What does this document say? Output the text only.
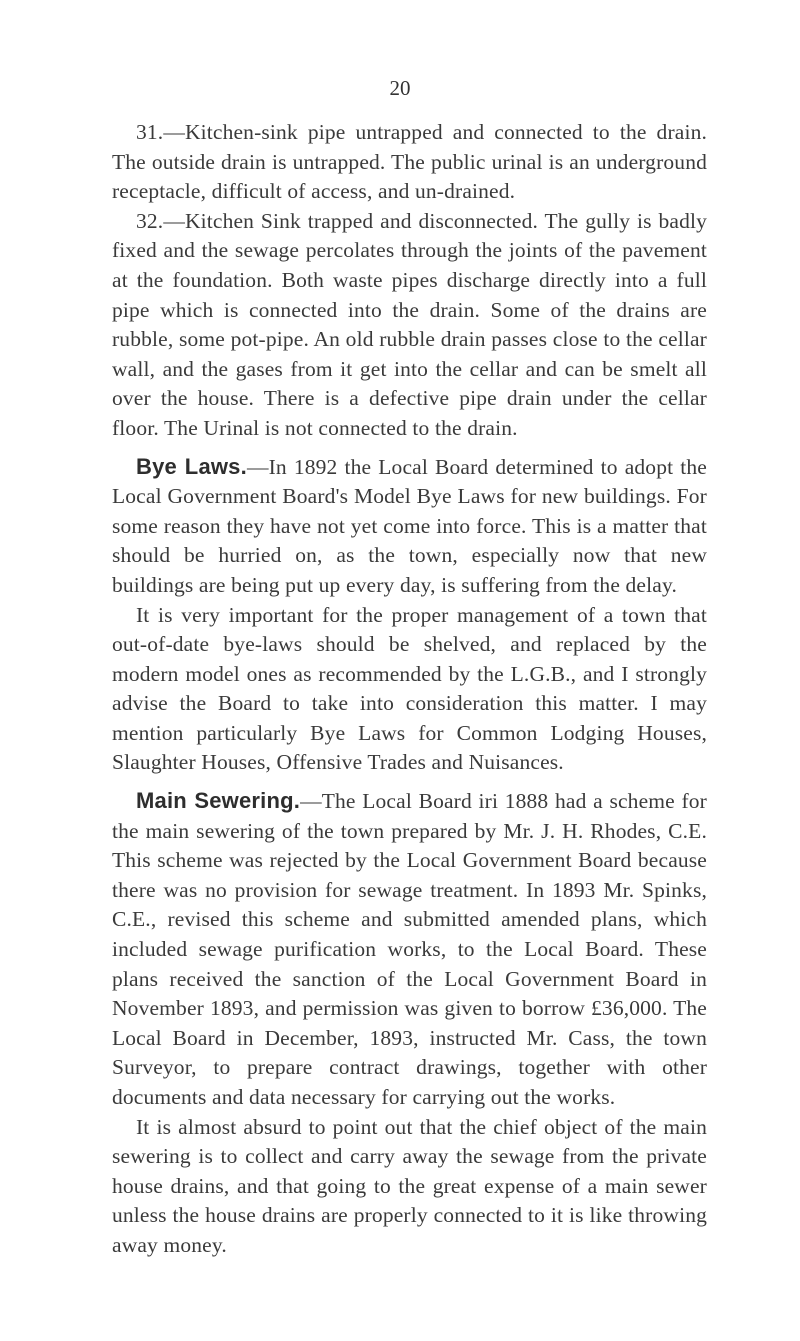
20

31.—Kitchen-sink pipe untrapped and connected to the drain. The outside drain is untrapped. The public urinal is an underground receptacle, difficult of access, and un-drained.

32.—Kitchen Sink trapped and disconnected. The gully is badly fixed and the sewage percolates through the joints of the pavement at the foundation. Both waste pipes discharge directly into a full pipe which is connected into the drain. Some of the drains are rubble, some pot-pipe. An old rubble drain passes close to the cellar wall, and the gases from it get into the cellar and can be smelt all over the house. There is a defective pipe drain under the cellar floor. The Urinal is not connected to the drain.

Bye Laws.—In 1892 the Local Board determined to adopt the Local Government Board's Model Bye Laws for new buildings. For some reason they have not yet come into force. This is a matter that should be hurried on, as the town, especially now that new buildings are being put up every day, is suffering from the delay.

It is very important for the proper management of a town that out-of-date bye-laws should be shelved, and replaced by the modern model ones as recommended by the L.G.B., and I strongly advise the Board to take into consideration this matter. I may mention particularly Bye Laws for Common Lodging Houses, Slaughter Houses, Offensive Trades and Nuisances.

Main Sewering.—The Local Board iri 1888 had a scheme for the main sewering of the town prepared by Mr. J. H. Rhodes, C.E. This scheme was rejected by the Local Government Board because there was no provision for sewage treatment. In 1893 Mr. Spinks, C.E., revised this scheme and submitted amended plans, which included sewage purification works, to the Local Board. These plans received the sanction of the Local Government Board in November 1893, and permission was given to borrow £36,000. The Local Board in December, 1893, instructed Mr. Cass, the town Surveyor, to prepare contract drawings, together with other documents and data necessary for carrying out the works.

It is almost absurd to point out that the chief object of the main sewering is to collect and carry away the sewage from the private house drains, and that going to the great expense of a main sewer unless the house drains are properly connected to it is like throwing away money.
